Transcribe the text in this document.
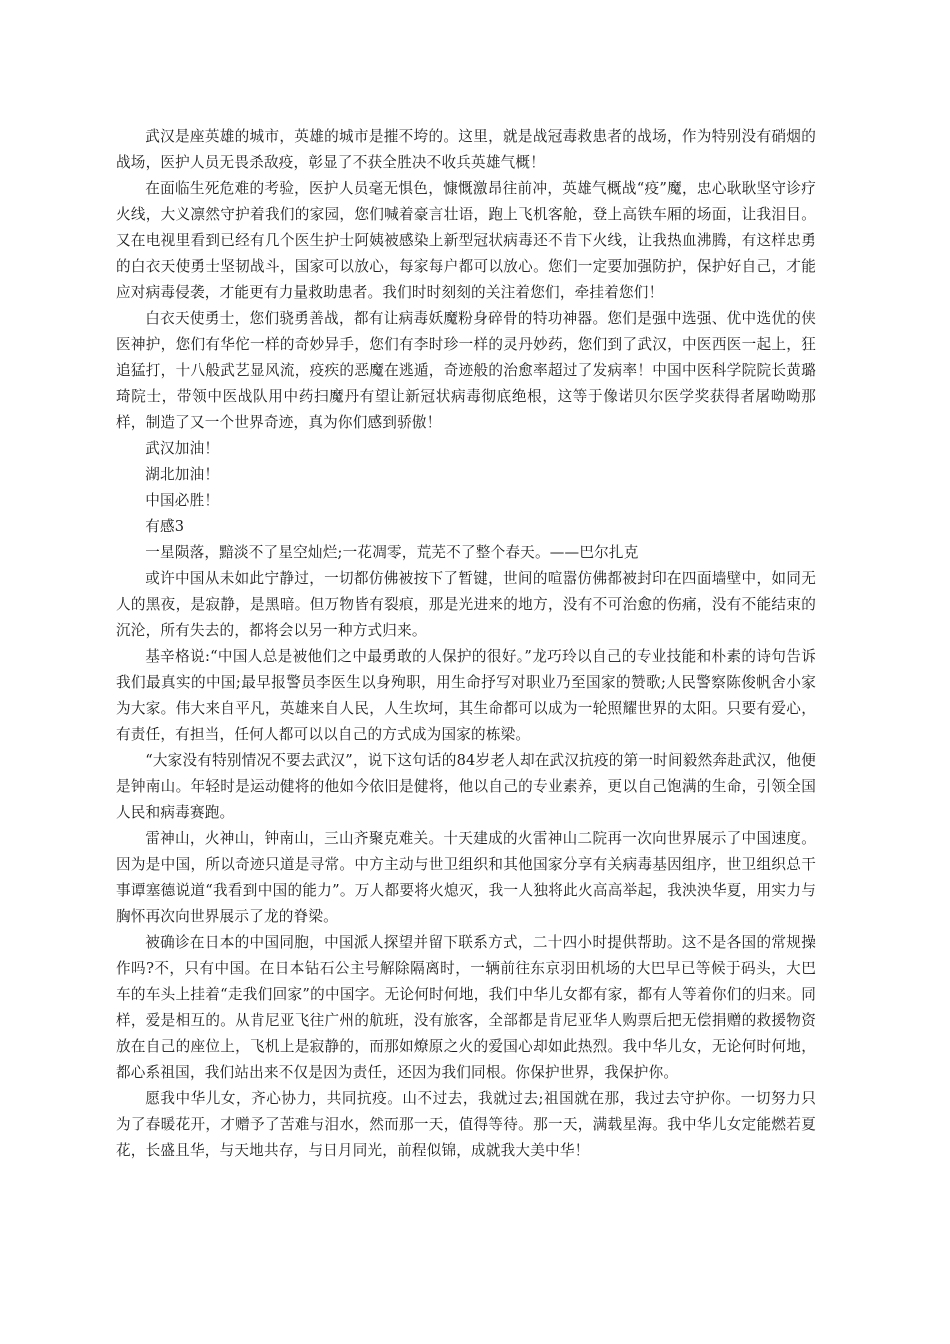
武汉是座英雄的城市，英雄的城市是摧不垮的。这里，就是战冠毒救患者的战场，作为特别没有硝烟的战场，医护人员无畏杀敌疫，彰显了不获全胜决不收兵英雄气概！

在面临生死危难的考验，医护人员毫无惧色，慷慨激昂往前冲，英雄气概战“疫”魔，忠心耿耿坚守诊疗火线，大义凛然守护着我们的家园，您们喊着豪言壮语，跑上飞机客舱，登上高铁车厢的场面，让我泪目。又在电视里看到已经有几个医生护士阿姨被感染上新型冠状病毒还不肯下火线，让我热血沸腾，有这样忠勇的白衣天使勇士坚韧战斗，国家可以放心，每家每户都可以放心。您们一定要加强防护，保护好自己，才能应对病毒侵袭，才能更有力量救助患者。我们时时刻刻的关注着您们，牵挂着您们！

白衣天使勇士，您们骁勇善战，都有让病毒妖魔粉身碎骨的特功神器。您们是强中选强、优中选优的侠医神护，您们有华佗一样的奇妙异手，您们有李时珍一样的灵丹妙药，您们到了武汉，中医西医一起上，狂追猛打，十八般武艺显风流，疫疾的恶魔在逃遁，奇迹般的治愈率超过了发病率！中国中医科学院院长黄璐琦院士，带领中医战队用中药扫魔丹有望让新冠状病毒彻底绝根，这等于像诺贝尔医学奖获得者屠呦呦那样，制造了又一个世界奇迹，真为你们感到骄傲！

武汉加油！

湖北加油！

中国必胜！

有感3

一星陨落，黯淡不了星空灿烂;一花凋零，荒芜不了整个春天。——巴尔扎克

或许中国从未如此宁静过，一切都仿佛被按下了暂键，世间的喧嚣仿佛都被封印在四面墙壁中，如同无人的黑夜，是寂静，是黑暗。但万物皆有裂痕，那是光进来的地方，没有不可治愈的伤痛，没有不能结束的沉沦，所有失去的，都将会以另一种方式归来。

基辛格说:“中国人总是被他们之中最勇敢的人保护的很好。”龙巧玲以自己的专业技能和朴素的诗句告诉我们最真实的中国;最早报警员李医生以身殉职，用生命抒写对职业乃至国家的赞歌;人民警察陈俊帆舍小家为大家。伟大来自平凡，英雄来自人民，人生坎坷，其生命都可以成为一轮照耀世界的太阳。只要有爱心，有责任，有担当，任何人都可以以自己的方式成为国家的栋梁。

“大家没有特别情况不要去武汉”，说下这句话的84岁老人却在武汉抗疫的第一时间毅然奔赴武汉，他便是钟南山。年轻时是运动健将的他如今依旧是健将，他以自己的专业素养，更以自己饱满的生命，引领全国人民和病毒赛跑。

雷神山，火神山，钟南山，三山齐聚克难关。十天建成的火雷神山二院再一次向世界展示了中国速度。因为是中国，所以奇迹只道是寻常。中方主动与世卫组织和其他国家分享有关病毒基因组序，世卫组织总干事谭塞德说道“我看到中国的能力”。万人都要将火熄灭，我一人独将此火高高举起，我泱泱华夏，用实力与胸怀再次向世界展示了龙的脊梁。

被确诊在日本的中国同胞，中国派人探望并留下联系方式，二十四小时提供帮助。这不是各国的常规操作吗?不，只有中国。在日本钻石公主号解除隔离时，一辆前往东京羽田机场的大巴早已等候于码头，大巴车的车头上挂着“走我们回家”的中国字。无论何时何地，我们中华儿女都有家，都有人等着你们的归来。同样，爱是相互的。从肯尼亚飞往广州的航班，没有旅客，全部都是肯尼亚华人购票后把无偿捐赠的救援物资放在自己的座位上，飞机上是寂静的，而那如燎原之火的爱国心却如此热烈。我中华儿女，无论何时何地，都心系祖国，我们站出来不仅是因为责任，还因为我们同根。你保护世界，我保护你。

愿我中华儿女，齐心协力，共同抗疫。山不过去，我就过去;祖国就在那，我过去守护你。一切努力只为了春暖花开，才赠予了苦难与泪水，然而那一天，值得等待。那一天，满载星海。我中华儿女定能燃若夏花，长盛且华，与天地共存，与日月同光，前程似锦，成就我大美中华！
